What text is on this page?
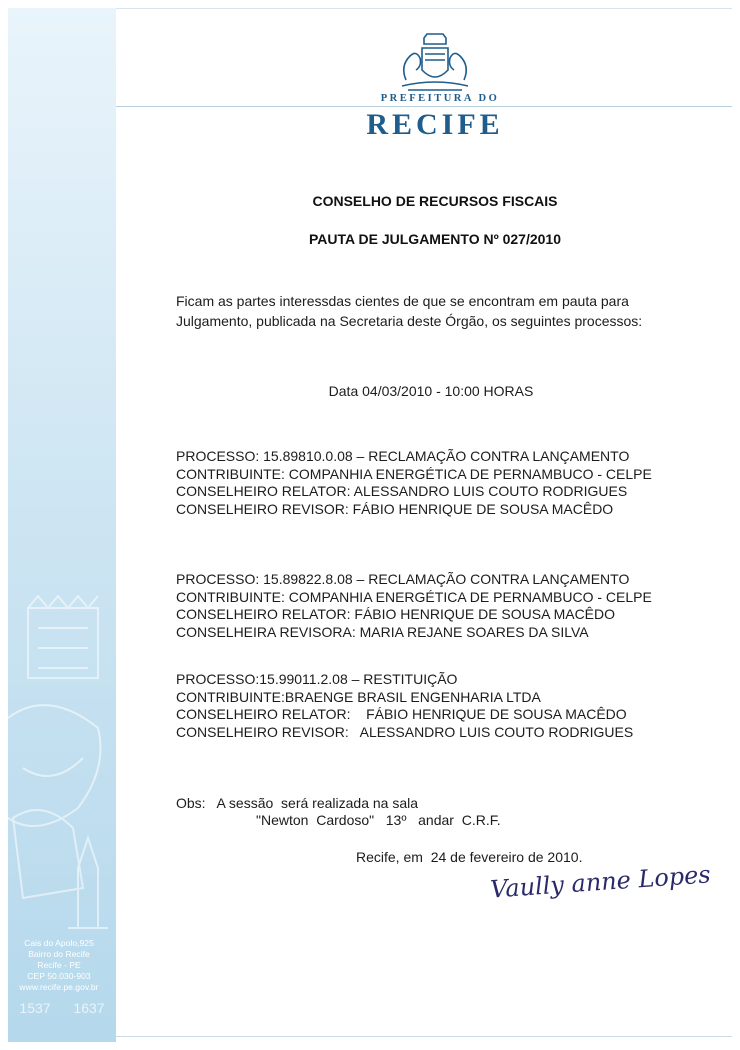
Cais do Apolo,925
Bairro do Recife
Recife - PE
CEP 50.030-903
www.recife.pe.gov.br
1537 1637
PREFEITURA DO
RECIFE
CONSELHO DE RECURSOS FISCAIS
PAUTA DE JULGAMENTO Nº 027/2010
Ficam as partes interessdas cientes de que se encontram em pauta para
Julgamento, publicada na Secretaria deste Órgão, os seguintes processos:
Data 04/03/2010 - 10:00 HORAS
PROCESSO: 15.89810.0.08 – RECLAMAÇÃO CONTRA LANÇAMENTO
CONTRIBUINTE: COMPANHIA ENERGÉTICA DE PERNAMBUCO - CELPE
CONSELHEIRO RELATOR: ALESSANDRO LUIS COUTO RODRIGUES
CONSELHEIRO REVISOR: FÁBIO HENRIQUE DE SOUSA MACÊDO
PROCESSO: 15.89822.8.08 – RECLAMAÇÃO CONTRA LANÇAMENTO
CONTRIBUINTE: COMPANHIA ENERGÉTICA DE PERNAMBUCO - CELPE
CONSELHEIRO RELATOR: FÁBIO HENRIQUE DE SOUSA MACÊDO
CONSELHEIRA REVISORA: MARIA REJANE SOARES DA SILVA
PROCESSO:15.99011.2.08 – RESTITUIÇÃO
CONTRIBUINTE:BRAENGE BRASIL ENGENHARIA LTDA
CONSELHEIRO RELATOR:    FÁBIO HENRIQUE DE SOUSA MACÊDO
CONSELHEIRO REVISOR:   ALESSANDRO LUIS COUTO RODRIGUES
Obs:   A sessão  será realizada na sala
"Newton  Cardoso"   13º   andar  C.R.F.
Recife, em  24 de fevereiro de 2010.
Vaully anne Lopes
